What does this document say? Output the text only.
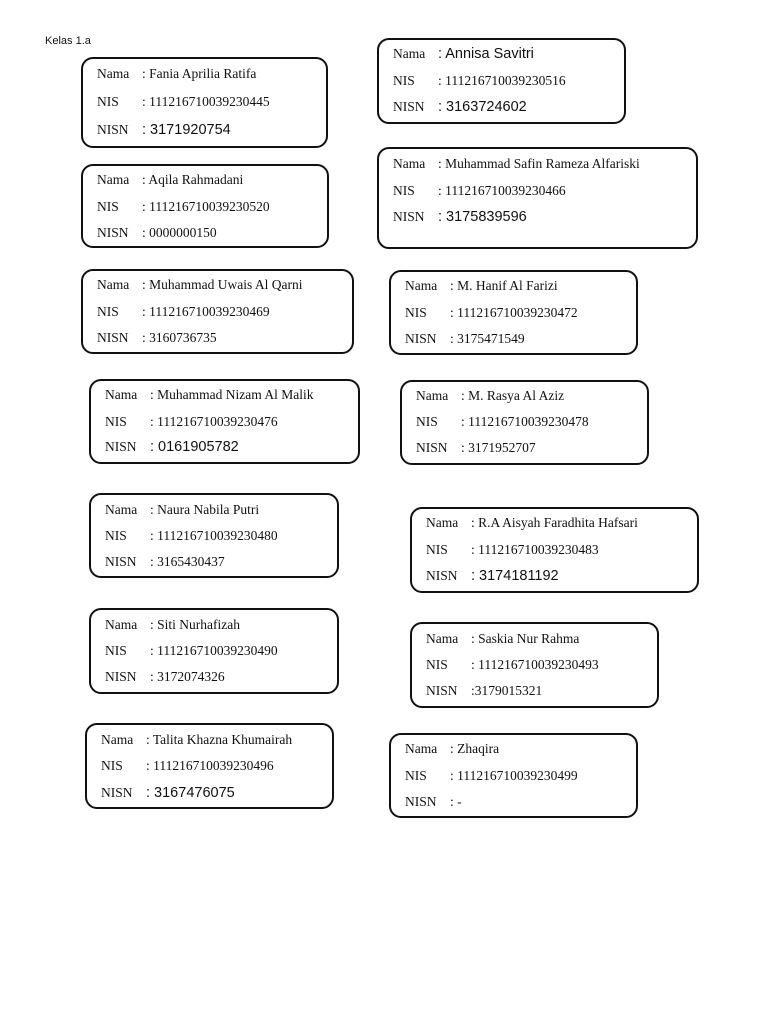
Kelas 1.a
Nama : Fania Aprilia Ratifa
NIS : 111216710039230445
NISN : 3171920754
Nama : Annisa Savitri
NIS : 111216710039230516
NISN : 3163724602
Nama : Aqila Rahmadani
NIS : 111216710039230520
NISN : 0000000150
Nama : Muhammad Safin Rameza Alfariski
NIS : 111216710039230466
NISN : 3175839596
Nama : Muhammad Uwais Al Qarni
NIS : 111216710039230469
NISN : 3160736735
Nama : M. Hanif Al Farizi
NIS : 111216710039230472
NISN : 3175471549
Nama : Muhammad Nizam Al Malik
NIS : 111216710039230476
NISN : 0161905782
Nama : M. Rasya Al Aziz
NIS : 111216710039230478
NISN : 3171952707
Nama : Naura Nabila Putri
NIS : 111216710039230480
NISN : 3165430437
Nama : R.A Aisyah Faradhita Hafsari
NIS : 111216710039230483
NISN : 3174181192
Nama : Siti Nurhafizah
NIS : 111216710039230490
NISN : 3172074326
Nama : Saskia Nur Rahma
NIS : 111216710039230493
NISN :3179015321
Nama : Talita Khazna Khumairah
NIS : 111216710039230496
NISN : 3167476075
Nama : Zhaqira
NIS : 111216710039230499
NISN : -
